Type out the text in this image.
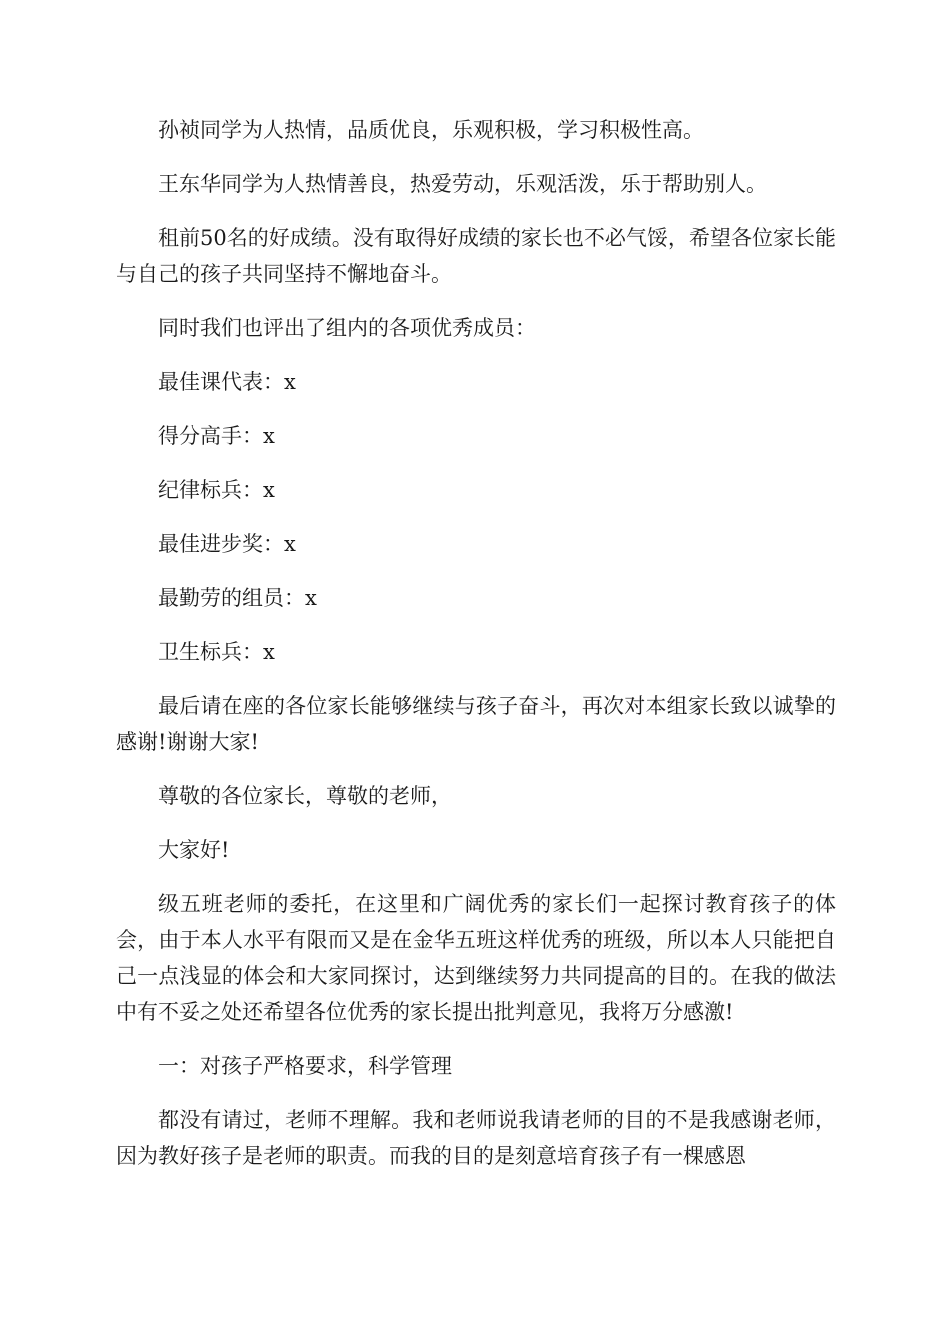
孙祯同学为人热情，品质优良，乐观积极，学习积极性高。

王东华同学为人热情善良，热爱劳动，乐观活泼，乐于帮助别人。

租前50名的好成绩。没有取得好成绩的家长也不必气馁，希望各位家长能与自己的孩子共同坚持不懈地奋斗。

同时我们也评出了组内的各项优秀成员：

最佳课代表：x

得分高手：x

纪律标兵：x

最佳进步奖：x

最勤劳的组员：x

卫生标兵：x

最后请在座的各位家长能够继续与孩子奋斗，再次对本组家长致以诚挚的感谢!谢谢大家!

尊敬的各位家长，尊敬的老师，

大家好!

级五班老师的委托，在这里和广阔优秀的家长们一起探讨教育孩子的体会，由于本人水平有限而又是在金华五班这样优秀的班级，所以本人只能把自己一点浅显的体会和大家同探讨，达到继续努力共同提高的目的。在我的做法中有不妥之处还希望各位优秀的家长提出批判意见，我将万分感激!

一：对孩子严格要求，科学管理

都没有请过，老师不理解。我和老师说我请老师的目的不是我感谢老师，因为教好孩子是老师的职责。而我的目的是刻意培育孩子有一棵感恩
